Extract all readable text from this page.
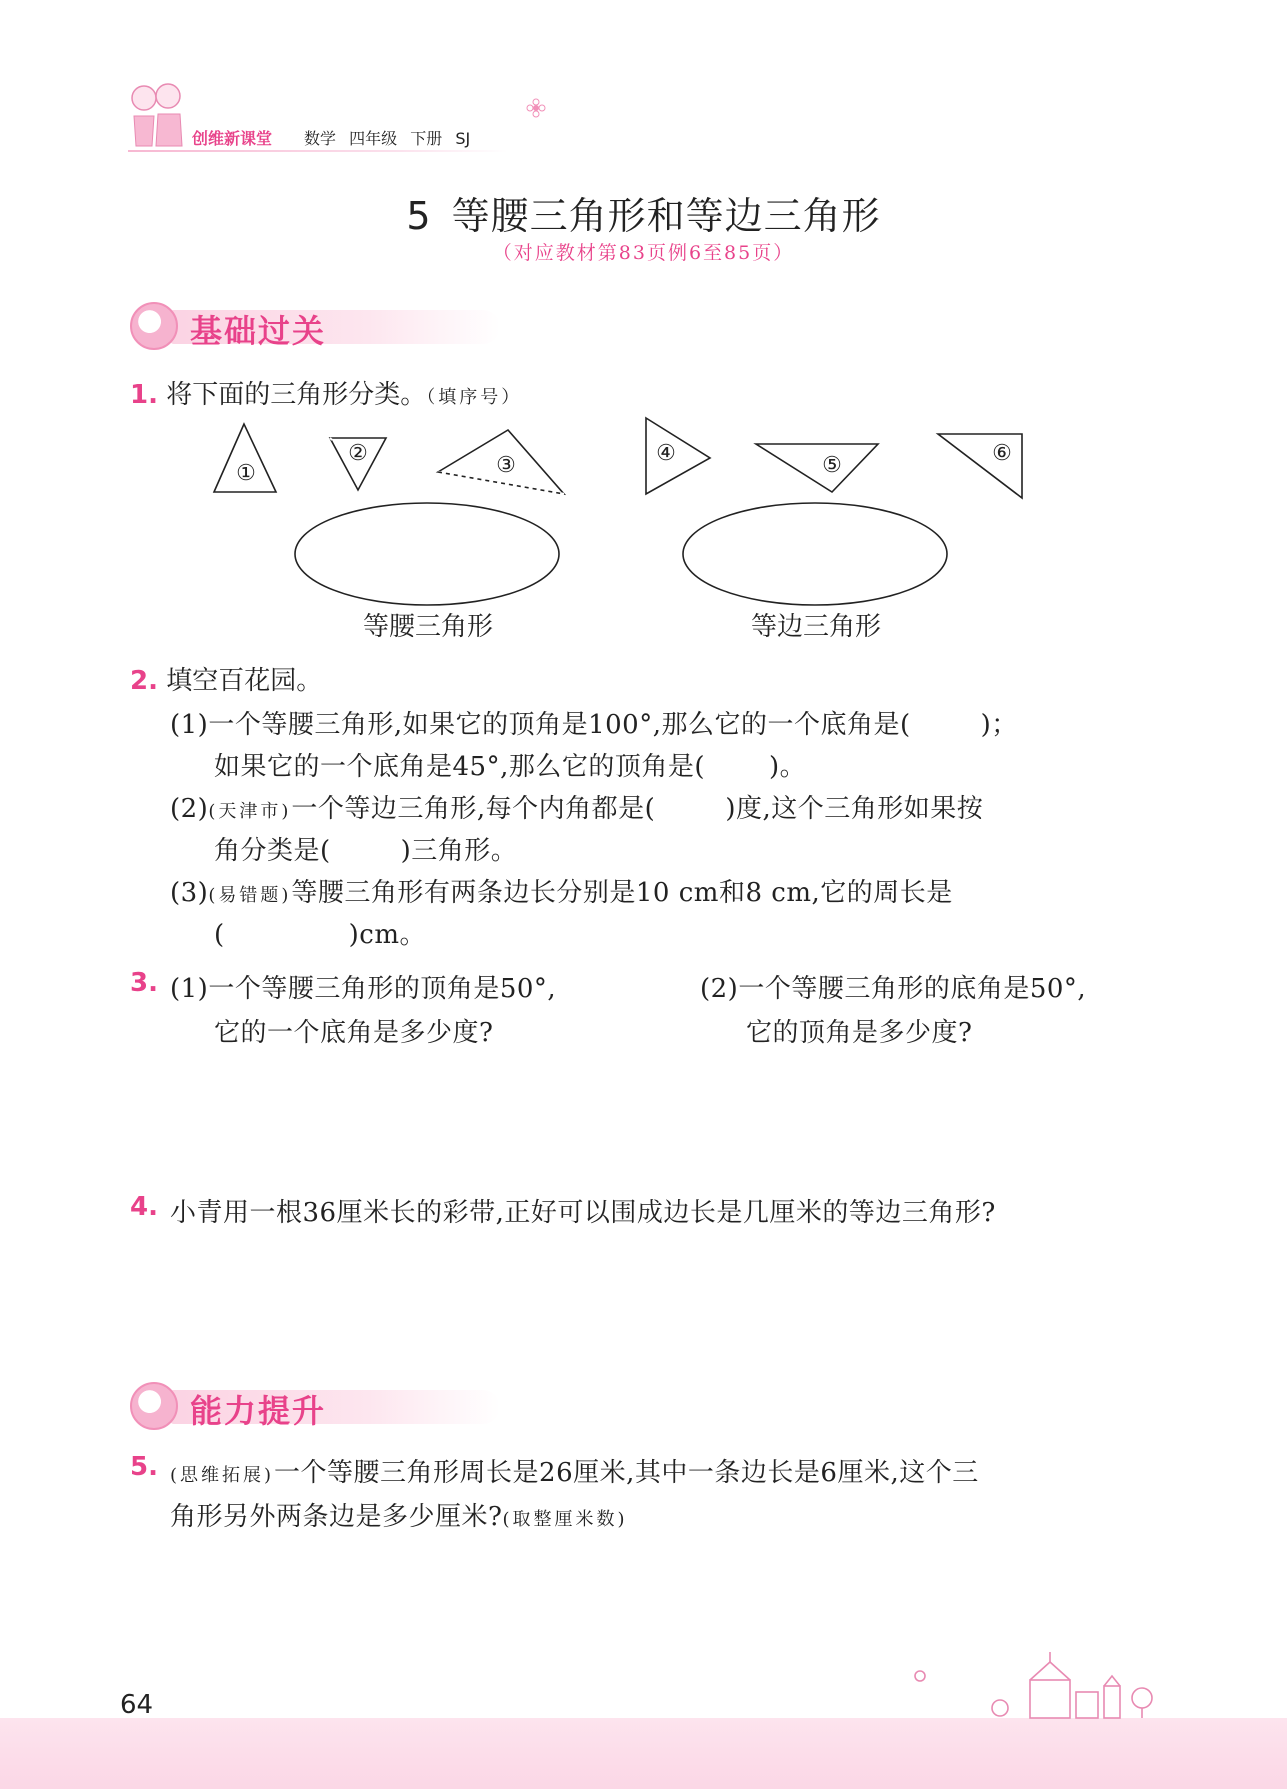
创维新课堂 数学 四年级 下册 SJ
5 等腰三角形和等边三角形
（对应教材第83页例6至85页）
基础过关
1. 将下面的三角形分类。（填序号）
①
②	③	④	⑤	⑥
等腰三角形	等边三角形
2. 填空百花园。
(1)一个等腰三角形,如果它的顶角是100°,那么它的一个底角是(	)；
如果它的一个底角是45°,那么它的顶角是( )。
(2)(天津市)一个等边三角形,每个内角都是(	)度,这个三角形如果按
角分类是(	)三角形。
(3)(易错题)等腰三角形有两条边长分别是10 cm和8 cm,它的周长是
(	)cm。
3. (1)一个等腰三角形的顶角是50°,
它的一个底角是多少度?
(2)一个等腰三角形的底角是50°,
它的顶角是多少度?
4. 小青用一根36厘米长的彩带,正好可以围成边长是几厘米的等边三角形?
能力提升
5. (思维拓展)一个等腰三角形周长是26厘米,其中一条边长是6厘米,这个三
角形另外两条边是多少厘米?(取整厘米数)
64
